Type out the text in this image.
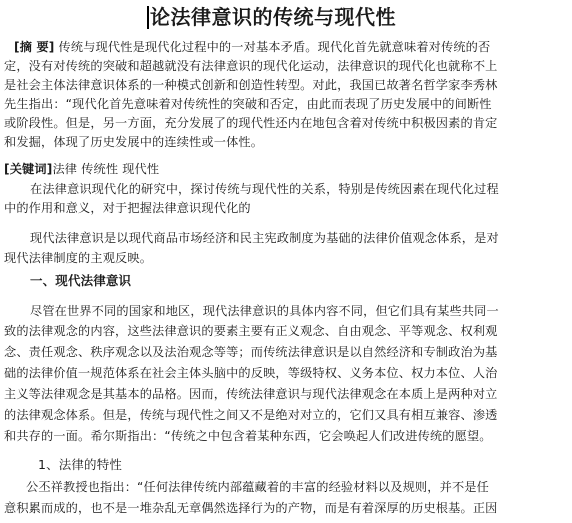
论法律意识的传统与现代性
[摘 要] 传统与现代性是现代化过程中的一对基本矛盾。现代化首先就意味着对传统的否
定，没有对传统的突破和超越就没有法律意识的现代化运动，法律意识的现代化也就称不上
是社会主体法律意识体系的一种模式创新和创造性转型。对此，我国已故著名哲学家李秀林
先生指出：“现代化首先意味着对传统性的突破和否定，由此而表现了历史发展中的间断性
或阶段性。但是，另一方面，充分发展了的现代性还内在地包含着对传统中积极因素的肯定
和发掘，体现了历史发展中的连续性或一体性。
[关键词]法律 传统性 现代性
在法律意识现代化的研究中，探讨传统与现代性的关系，特别是传统因素在现代化过程
中的作用和意义，对于把握法律意识现代化的
现代法律意识是以现代商品市场经济和民主宪政制度为基础的法律价值观念体系，是对
现代法律制度的主观反映。
一、现代法律意识
尽管在世界不同的国家和地区，现代法律意识的具体内容不同，但它们具有某些共同一
致的法律观念的内容，这些法律意识的要素主要有正义观念、自由观念、平等观念、权利观
念、责任观念、秩序观念以及法治观念等等；而传统法律意识是以自然经济和专制政治为基
础的法律价值一规范体系在社会主体头脑中的反映，等级特权、义务本位、权力本位、人治
主义等法律观念是其基本的品格。因而，传统法律意识与现代法律观念在本质上是两种对立
的法律观念体系。但是，传统与现代性之间又不是绝对对立的，它们又具有相互兼容、渗透
和共存的一面。希尔斯指出：“传统之中包含着某种东西，它会唤起人们改进传统的愿望。
1、法律的特性
公丕祥教授也指出：“任何法律传统内部蕴藏着的丰富的经验材料以及规则，并不是任
意积累而成的，也不是一堆杂乱无章偶然选择行为的产物，而是有着深厚的历史根基。正因
